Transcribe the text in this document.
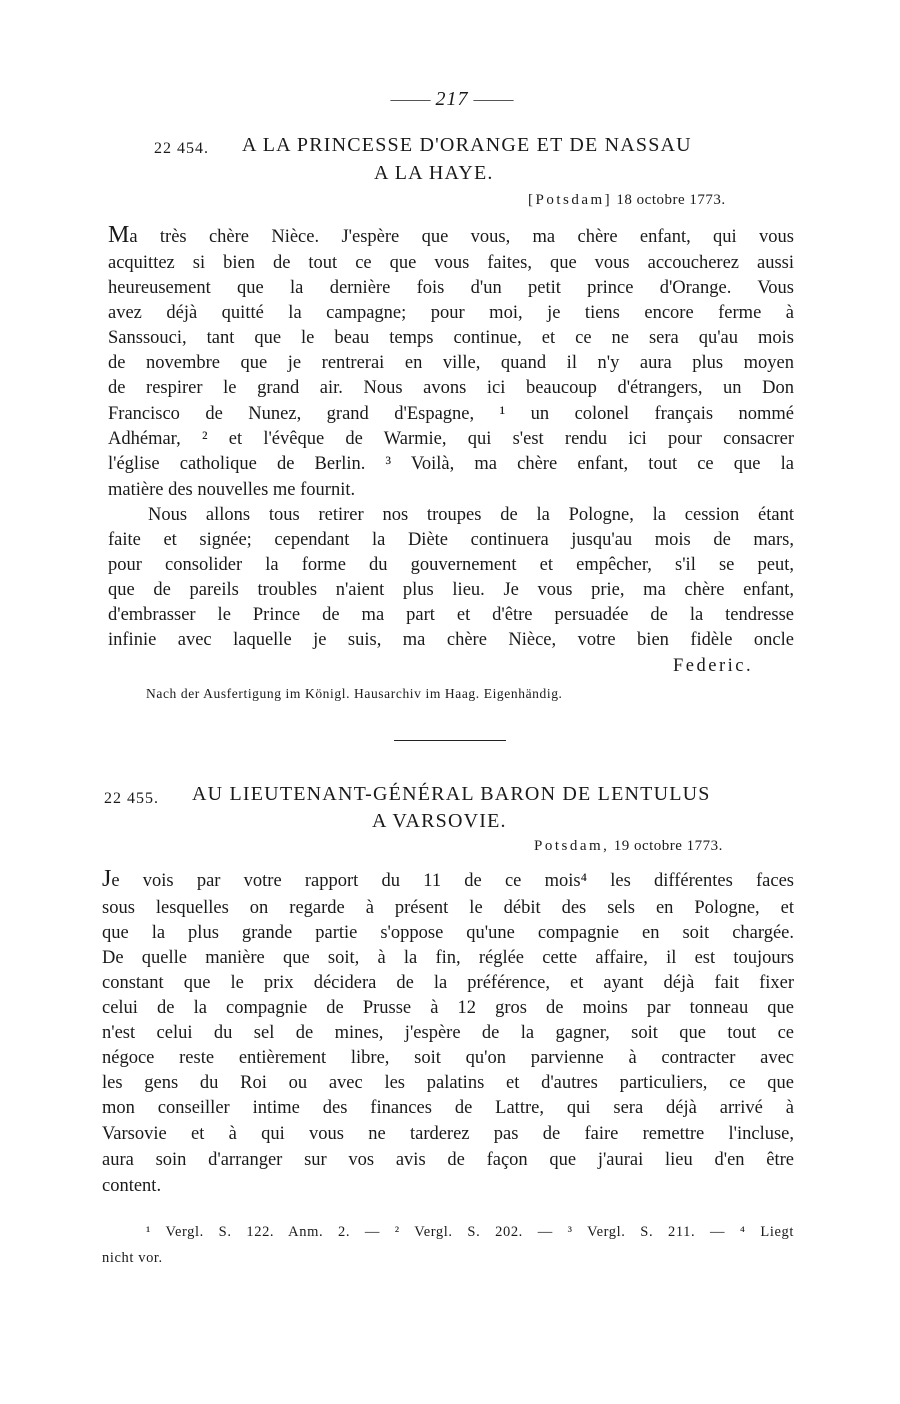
—— 217 ——
22 454. A LA PRINCESSE D'ORANGE ET DE NASSAU
A LA HAYE.
[Potsdam] 18 octobre 1773.
Ma très chère Nièce. J'espère que vous, ma chère enfant, qui vous
acquittez si bien de tout ce que vous faites, que vous accoucherez aussi
heureusement que la dernière fois d'un petit prince d'Orange. Vous
avez déjà quitté la campagne; pour moi, je tiens encore ferme à
Sanssouci, tant que le beau temps continue, et ce ne sera qu'au mois
de novembre que je rentrerai en ville, quand il n'y aura plus moyen
de respirer le grand air. Nous avons ici beaucoup d'étrangers, un Don
Francisco de Nunez, grand d'Espagne, ¹ un colonel français nommé
Adhémar, ² et l'évêque de Warmie, qui s'est rendu ici pour consacrer
l'église catholique de Berlin. ³ Voilà, ma chère enfant, tout ce que la
matière des nouvelles me fournit.
Nous allons tous retirer nos troupes de la Pologne, la cession étant
faite et signée; cependant la Diète continuera jusqu'au mois de mars,
pour consolider la forme du gouvernement et empêcher, s'il se peut,
que de pareils troubles n'aient plus lieu. Je vous prie, ma chère enfant,
d'embrasser le Prince de ma part et d'être persuadée de la tendresse
infinie avec laquelle je suis, ma chère Nièce, votre bien fidèle oncle
Federic.
Nach der Ausfertigung im Königl. Hausarchiv im Haag. Eigenhändig.
22 455. AU LIEUTENANT-GÉNÉRAL BARON DE LENTULUS
A VARSOVIE.
Potsdam, 19 octobre 1773.
Je vois par votre rapport du 11 de ce mois⁴ les différentes faces
sous lesquelles on regarde à présent le débit des sels en Pologne, et
que la plus grande partie s'oppose qu'une compagnie en soit chargée.
De quelle manière que soit, à la fin, réglée cette affaire, il est toujours
constant que le prix décidera de la préférence, et ayant déjà fait fixer
celui de la compagnie de Prusse à 12 gros de moins par tonneau que
n'est celui du sel de mines, j'espère de la gagner, soit que tout ce
négoce reste entièrement libre, soit qu'on parvienne à contracter avec
les gens du Roi ou avec les palatins et d'autres particuliers, ce que
mon conseiller intime des finances de Lattre, qui sera déjà arrivé à
Varsovie et à qui vous ne tarderez pas de faire remettre l'incluse,
aura soin d'arranger sur vos avis de façon que j'aurai lieu d'en être
content.
¹ Vergl. S. 122. Anm. 2. — ² Vergl. S. 202. — ³ Vergl. S. 211. — ⁴ Liegt
nicht vor.
